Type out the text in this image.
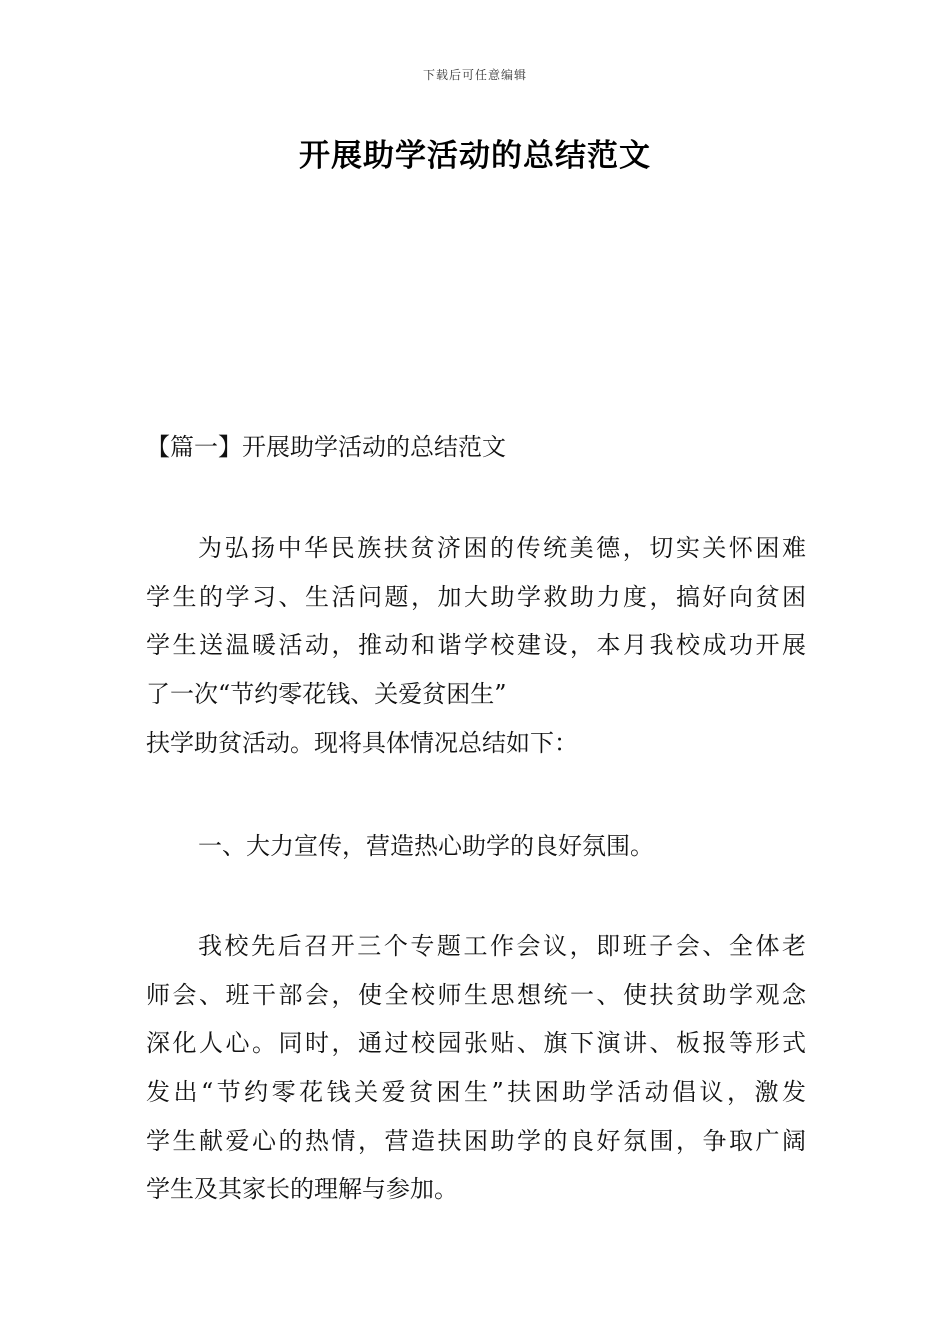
下载后可任意编辑
开展助学活动的总结范文
【篇一】开展助学活动的总结范文
为弘扬中华民族扶贫济困的传统美德，切实关怀困难
学生的学习、生活问题，加大助学救助力度，搞好向贫困
学生送温暖活动，推动和谐学校建设，本月我校成功开展
了一次“节约零花钱、关爱贫困生”
扶学助贫活动。现将具体情况总结如下：
一、大力宣传，营造热心助学的良好氛围。
我校先后召开三个专题工作会议，即班子会、全体老
师会、班干部会，使全校师生思想统一、使扶贫助学观念
深化人心。同时，通过校园张贴、旗下演讲、板报等形式
发出“节约零花钱关爱贫困生”扶困助学活动倡议，激发
学生献爱心的热情，营造扶困助学的良好氛围，争取广阔
学生及其家长的理解与参加。
